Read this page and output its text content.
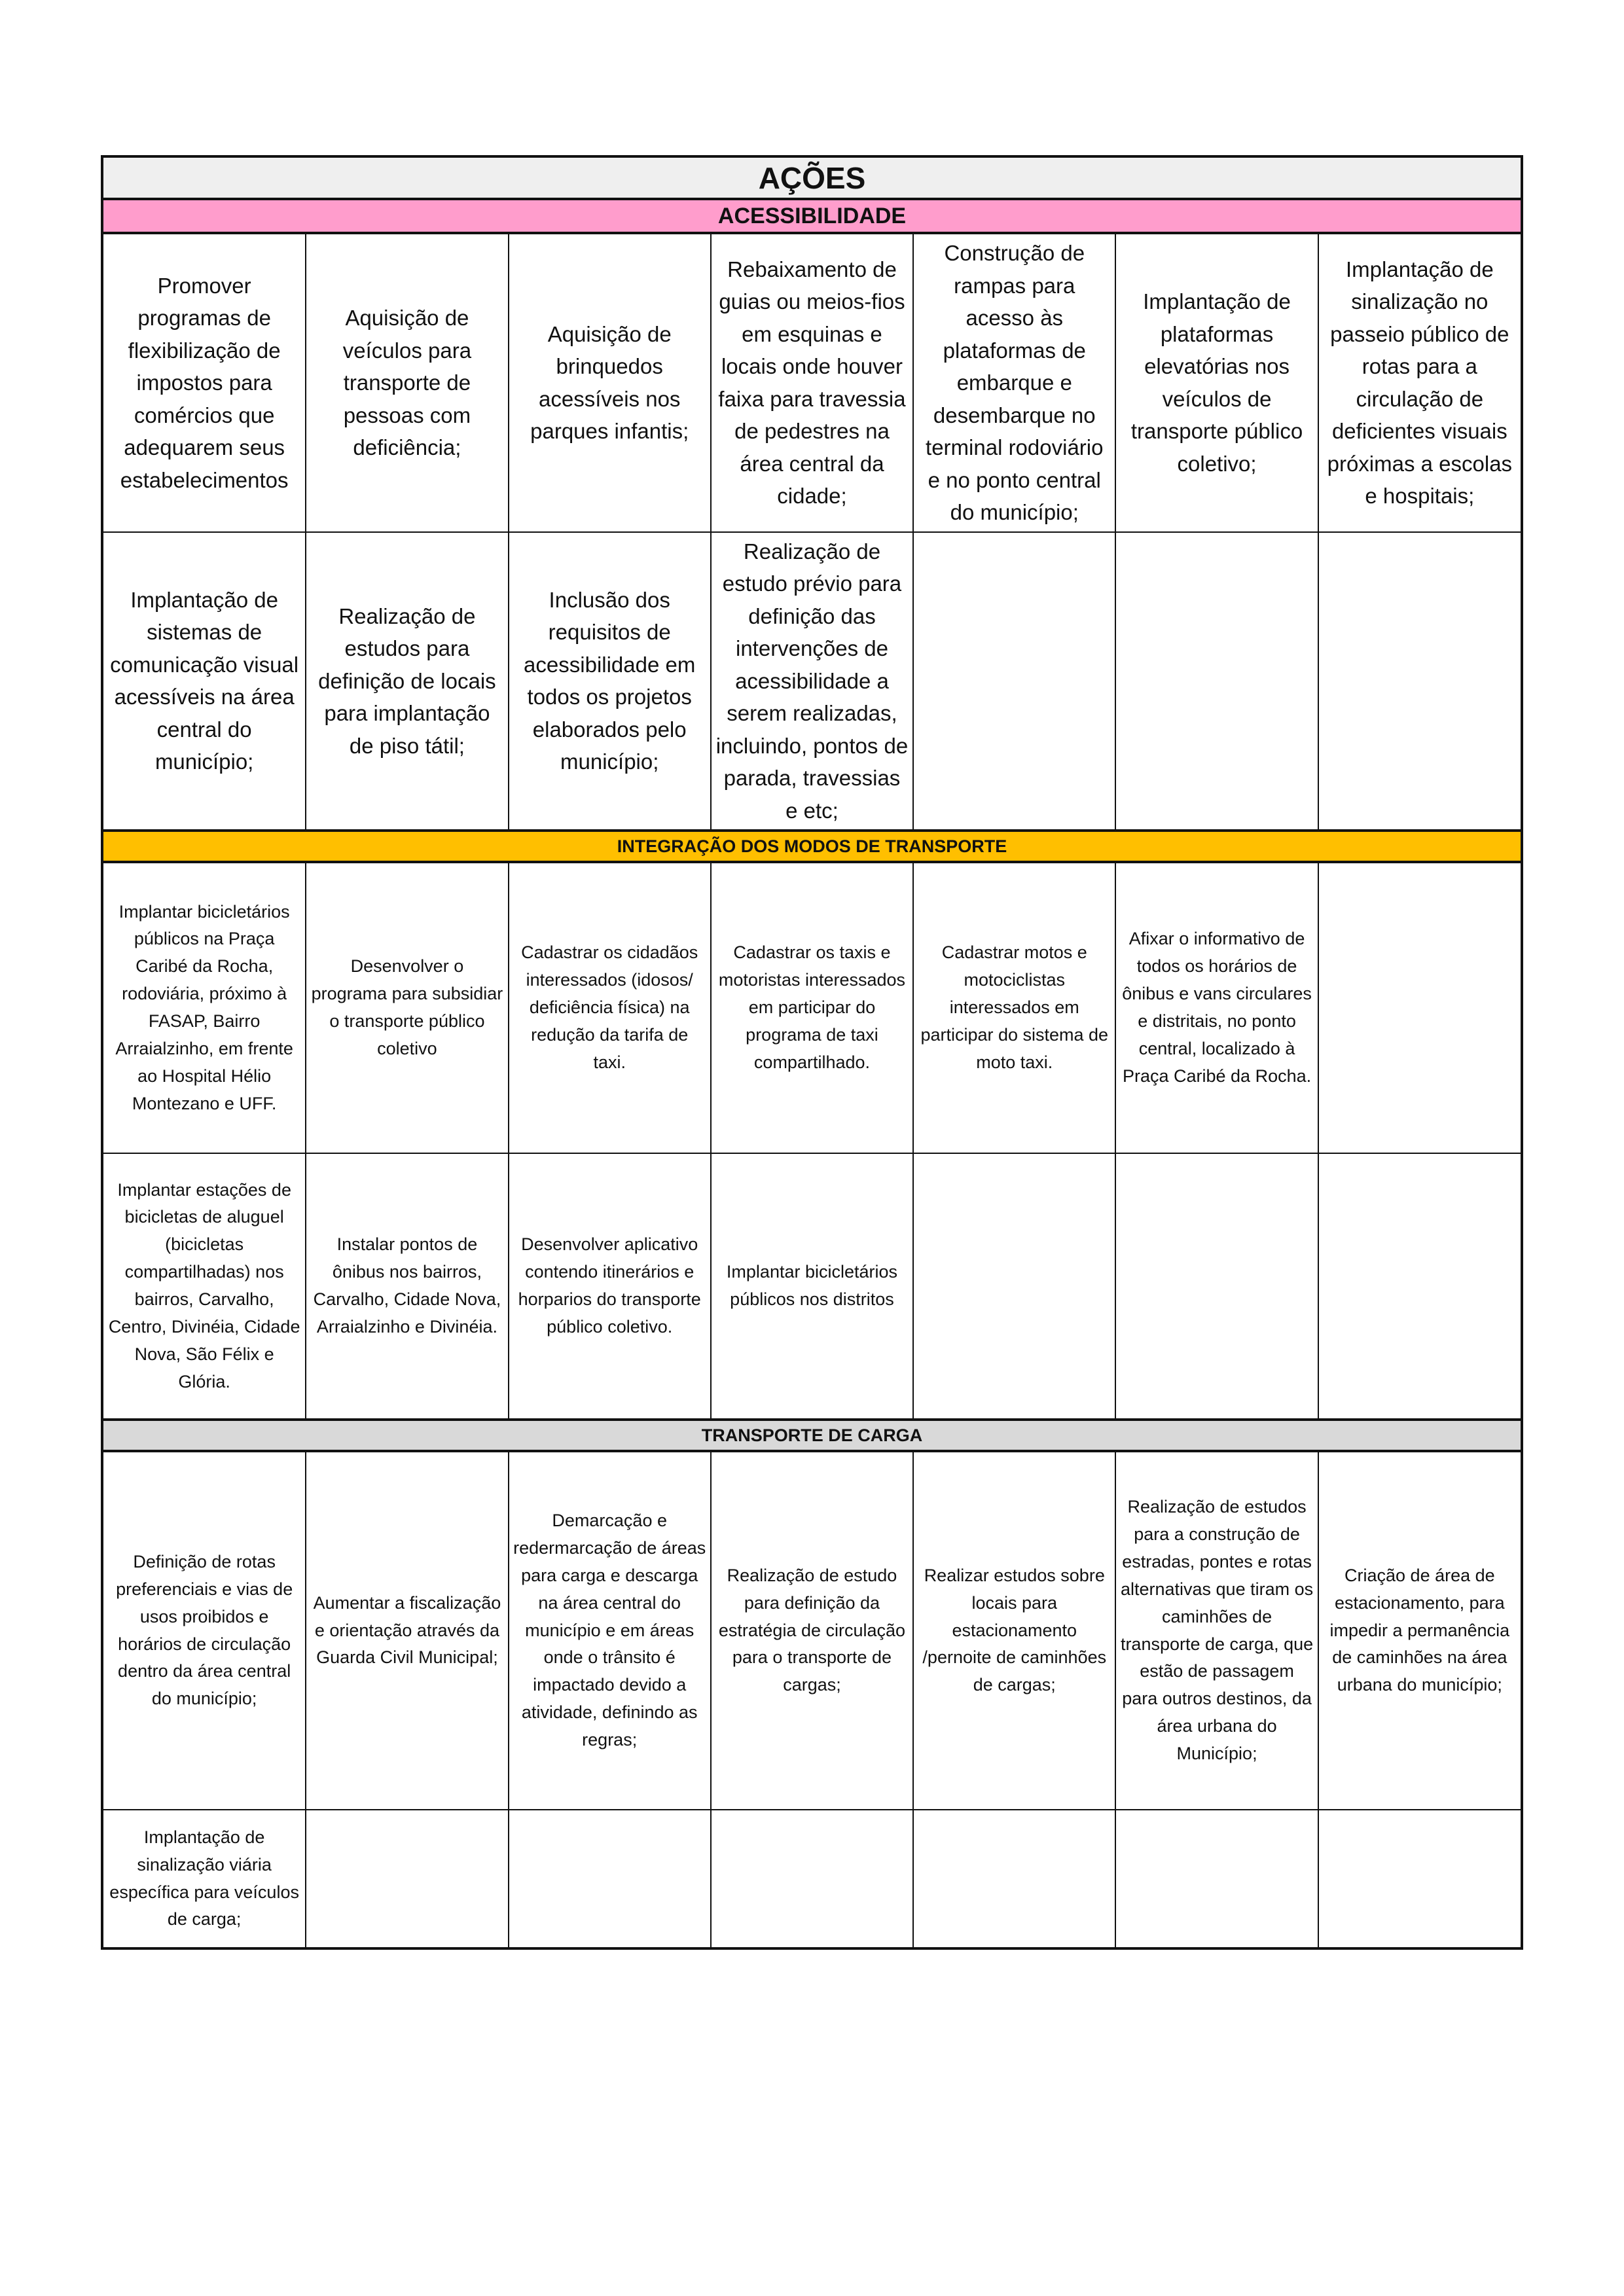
AÇÕES
ACESSIBILIDADE
Promover programas de flexibilização de impostos para comércios que adequarem seus estabelecimentos	Aquisição de veículos para transporte de pessoas com deficiência;	Aquisição de brinquedos acessíveis nos parques infantis;	Rebaixamento de guias ou meios-fios em esquinas e locais onde houver faixa para travessia de pedestres na área central da cidade;	Construção de rampas para acesso às plataformas de embarque e desembarque no terminal rodoviário e no ponto central do município;	Implantação de plataformas elevatórias nos veículos de transporte público coletivo;	Implantação de sinalização no passeio público de rotas para a circulação de deficientes visuais próximas a escolas e hospitais;
Implantação de sistemas de comunicação visual acessíveis na área central do município;	Realização de estudos para definição de locais para implantação de piso tátil;	Inclusão dos requisitos de acessibilidade em todos os projetos elaborados pelo município;	Realização de estudo prévio para definição das intervenções de acessibilidade a serem realizadas, incluindo, pontos de parada, travessias e etc;			
INTEGRAÇÃO DOS MODOS DE TRANSPORTE
Implantar bicicletários públicos na Praça Caribé da Rocha, rodoviária, próximo à FASAP, Bairro Arraialzinho, em frente ao Hospital Hélio Montezano e UFF.	Desenvolver o programa para subsidiar o transporte público coletivo	Cadastrar os cidadãos interessados (idosos/ deficiência física) na redução da tarifa de taxi.	Cadastrar os taxis e motoristas interessados em participar do programa de taxi compartilhado.	Cadastrar motos e motociclistas interessados em participar do sistema de moto taxi.	Afixar o informativo de todos os horários de ônibus e vans circulares e distritais, no ponto central, localizado à Praça Caribé da Rocha.	
Implantar estações de bicicletas de aluguel (bicicletas compartilhadas) nos bairros, Carvalho, Centro, Divinéia, Cidade Nova, São Félix e Glória.	Instalar pontos de ônibus nos bairros, Carvalho, Cidade Nova, Arraialzinho e Divinéia.	Desenvolver aplicativo contendo itinerários e horparios do transporte público coletivo.	Implantar bicicletários públicos nos distritos			
TRANSPORTE DE CARGA
Definição de rotas preferenciais e vias de usos proibidos e horários de circulação dentro da área central do município;	Aumentar a fiscalização e orientação através da Guarda Civil Municipal;	Demarcação e redermarcação de áreas para carga e descarga na área central do município e em áreas onde o trânsito é impactado devido a atividade, definindo as regras;	Realização de estudo para definição da estratégia de circulação para o transporte de cargas;	Realizar estudos sobre locais para estacionamento /pernoite de caminhões de cargas;	Realização de estudos para a construção de estradas, pontes e rotas alternativas que tiram os caminhões de transporte de carga, que estão de passagem para outros destinos, da área urbana do Município;	Criação de área de estacionamento, para impedir a permanência de caminhões na área urbana do município;
Implantação de sinalização viária específica para veículos de carga;						
